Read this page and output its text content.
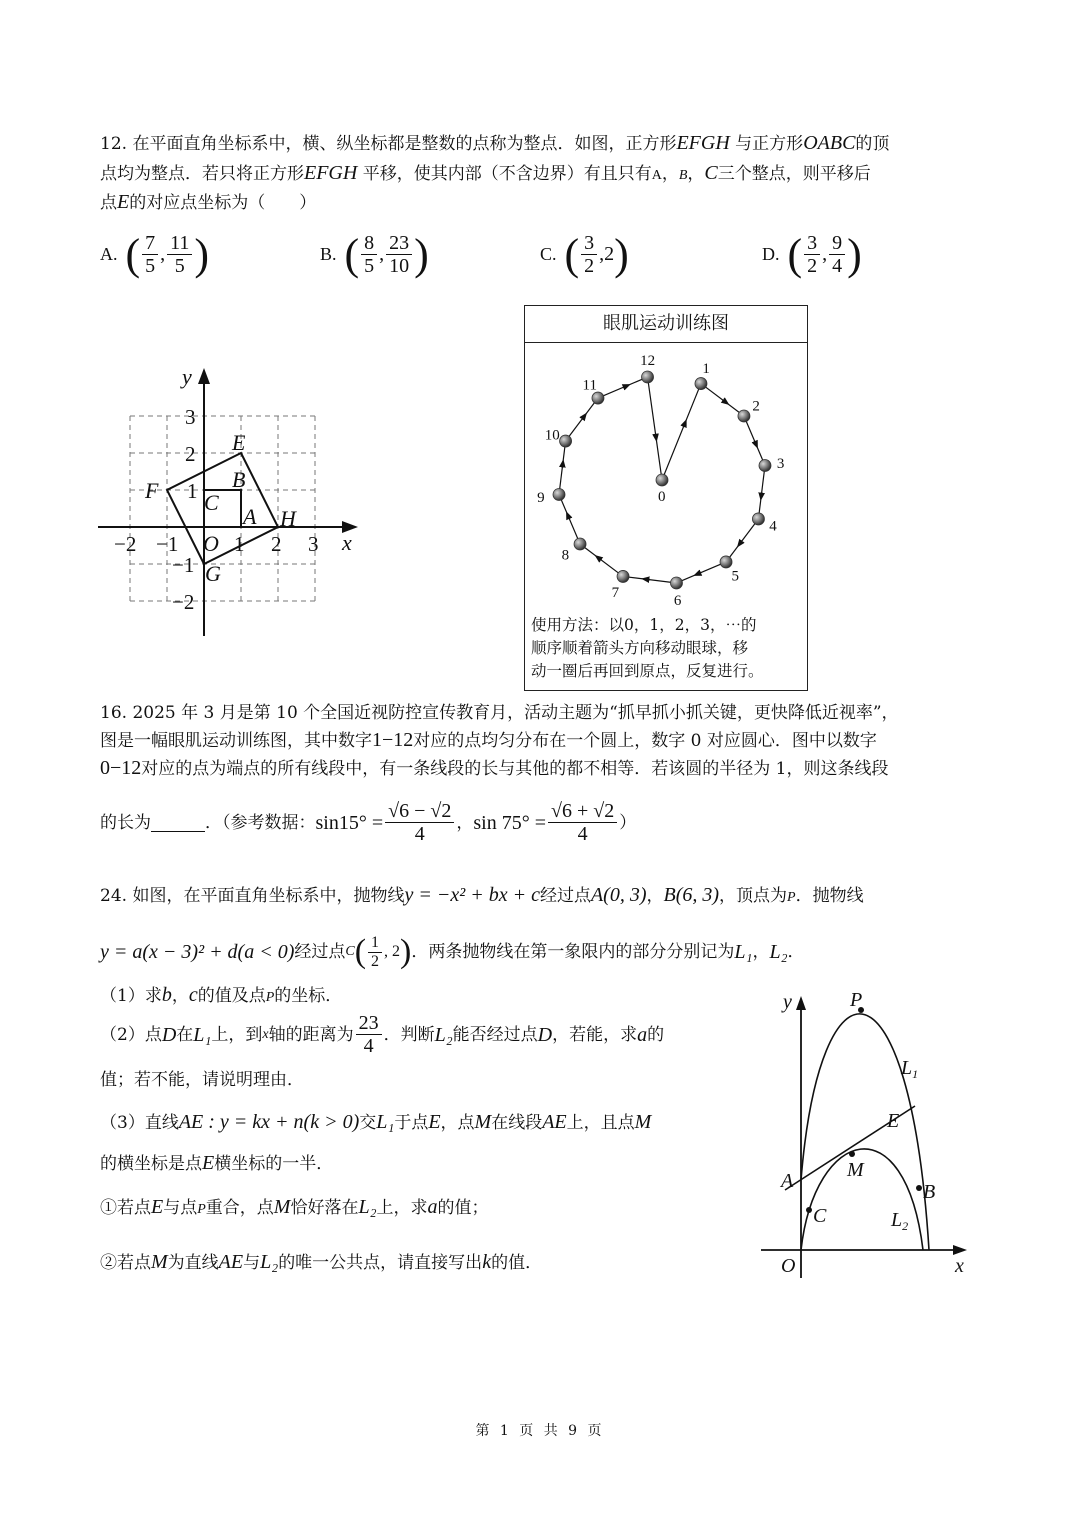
12. 在平面直角坐标系中，横、纵坐标都是整数的点称为整点．如图，正方形EFGH 与正方形OABC的顶
点均为整点．若只将正方形EFGH 平移，使其内部（不含边界）有且只有A，B，C三个整点，则平移后
点E的对应点坐标为（　　）
A. ( $\frac{7}{5}$ , $\frac{11}{5}$ )	B. ( $\frac{8}{5}$ , $\frac{23}{10}$ )	C. ( $\frac{3}{2}$ , 2 )	D. ( $\frac{3}{2}$ , $\frac{9}{4}$ )
y
x
O
E
F
G
H
A
B
C
−2 −1	1 2 3
3
2
1
−1
−2
眼肌运动训练图
0
1
2
3
4
5
6
7
8
9
10
11
12
使用方法：以0，1，2，3，⋯的
顺序顺着箭头方向移动眼球，移
动一圈后再回到原点，反复进行。
16. 2025 年 3 月是第 10 个全国近视防控宣传教育月，活动主题为“抓早抓小抓关键，更快降低近视率”，
图是一幅眼肌运动训练图，其中数字1−12对应的点均匀分布在一个圆上，数字 0 对应圆心．图中以数字
0−12对应的点为端点的所有线段中，有一条线段的长与其他的都不相等．若该圆的半径为 1，则这条线段
的长为	．（参考数据： $\sin 15^\circ = \frac{√6 - √2}{4}$ ， $\sin 75^\circ = \frac{√6 + √2}{4}$ ）
24. 如图，在平面直角坐标系中，抛物线y = −x² + bx + c经过点A(0, 3)，B(6, 3)，顶点为P．抛物线
y = a(x − 3)² + d(a < 0) 经过点 C ( $\frac{1}{2}$ , 2 ) ．两条抛物线在第一象限内的部分分别记为 L₁ ， L₂ ．
（1）求b，c的值及点P的坐标．
（2）点 D 在 L₁ 上，到 x 轴的距离为 $\frac{23}{4}$ ．判断 L₂ 能否经过点 D ，若能，求 a 的
值；若不能，请说明理由．
（3）直线AE : y = kx + n(k > 0)交L₁于点E，点M在线段AE上，且点M
的横坐标是点E横坐标的一半．
①若点E与点P重合，点M恰好落在L₂上，求a的值；
②若点M为直线AE与L₂的唯一公共点，请直接写出k的值．
y
x
O
P
$L_1$
E
A	M
B
C	$L_2$
第 1 页 共 9 页
